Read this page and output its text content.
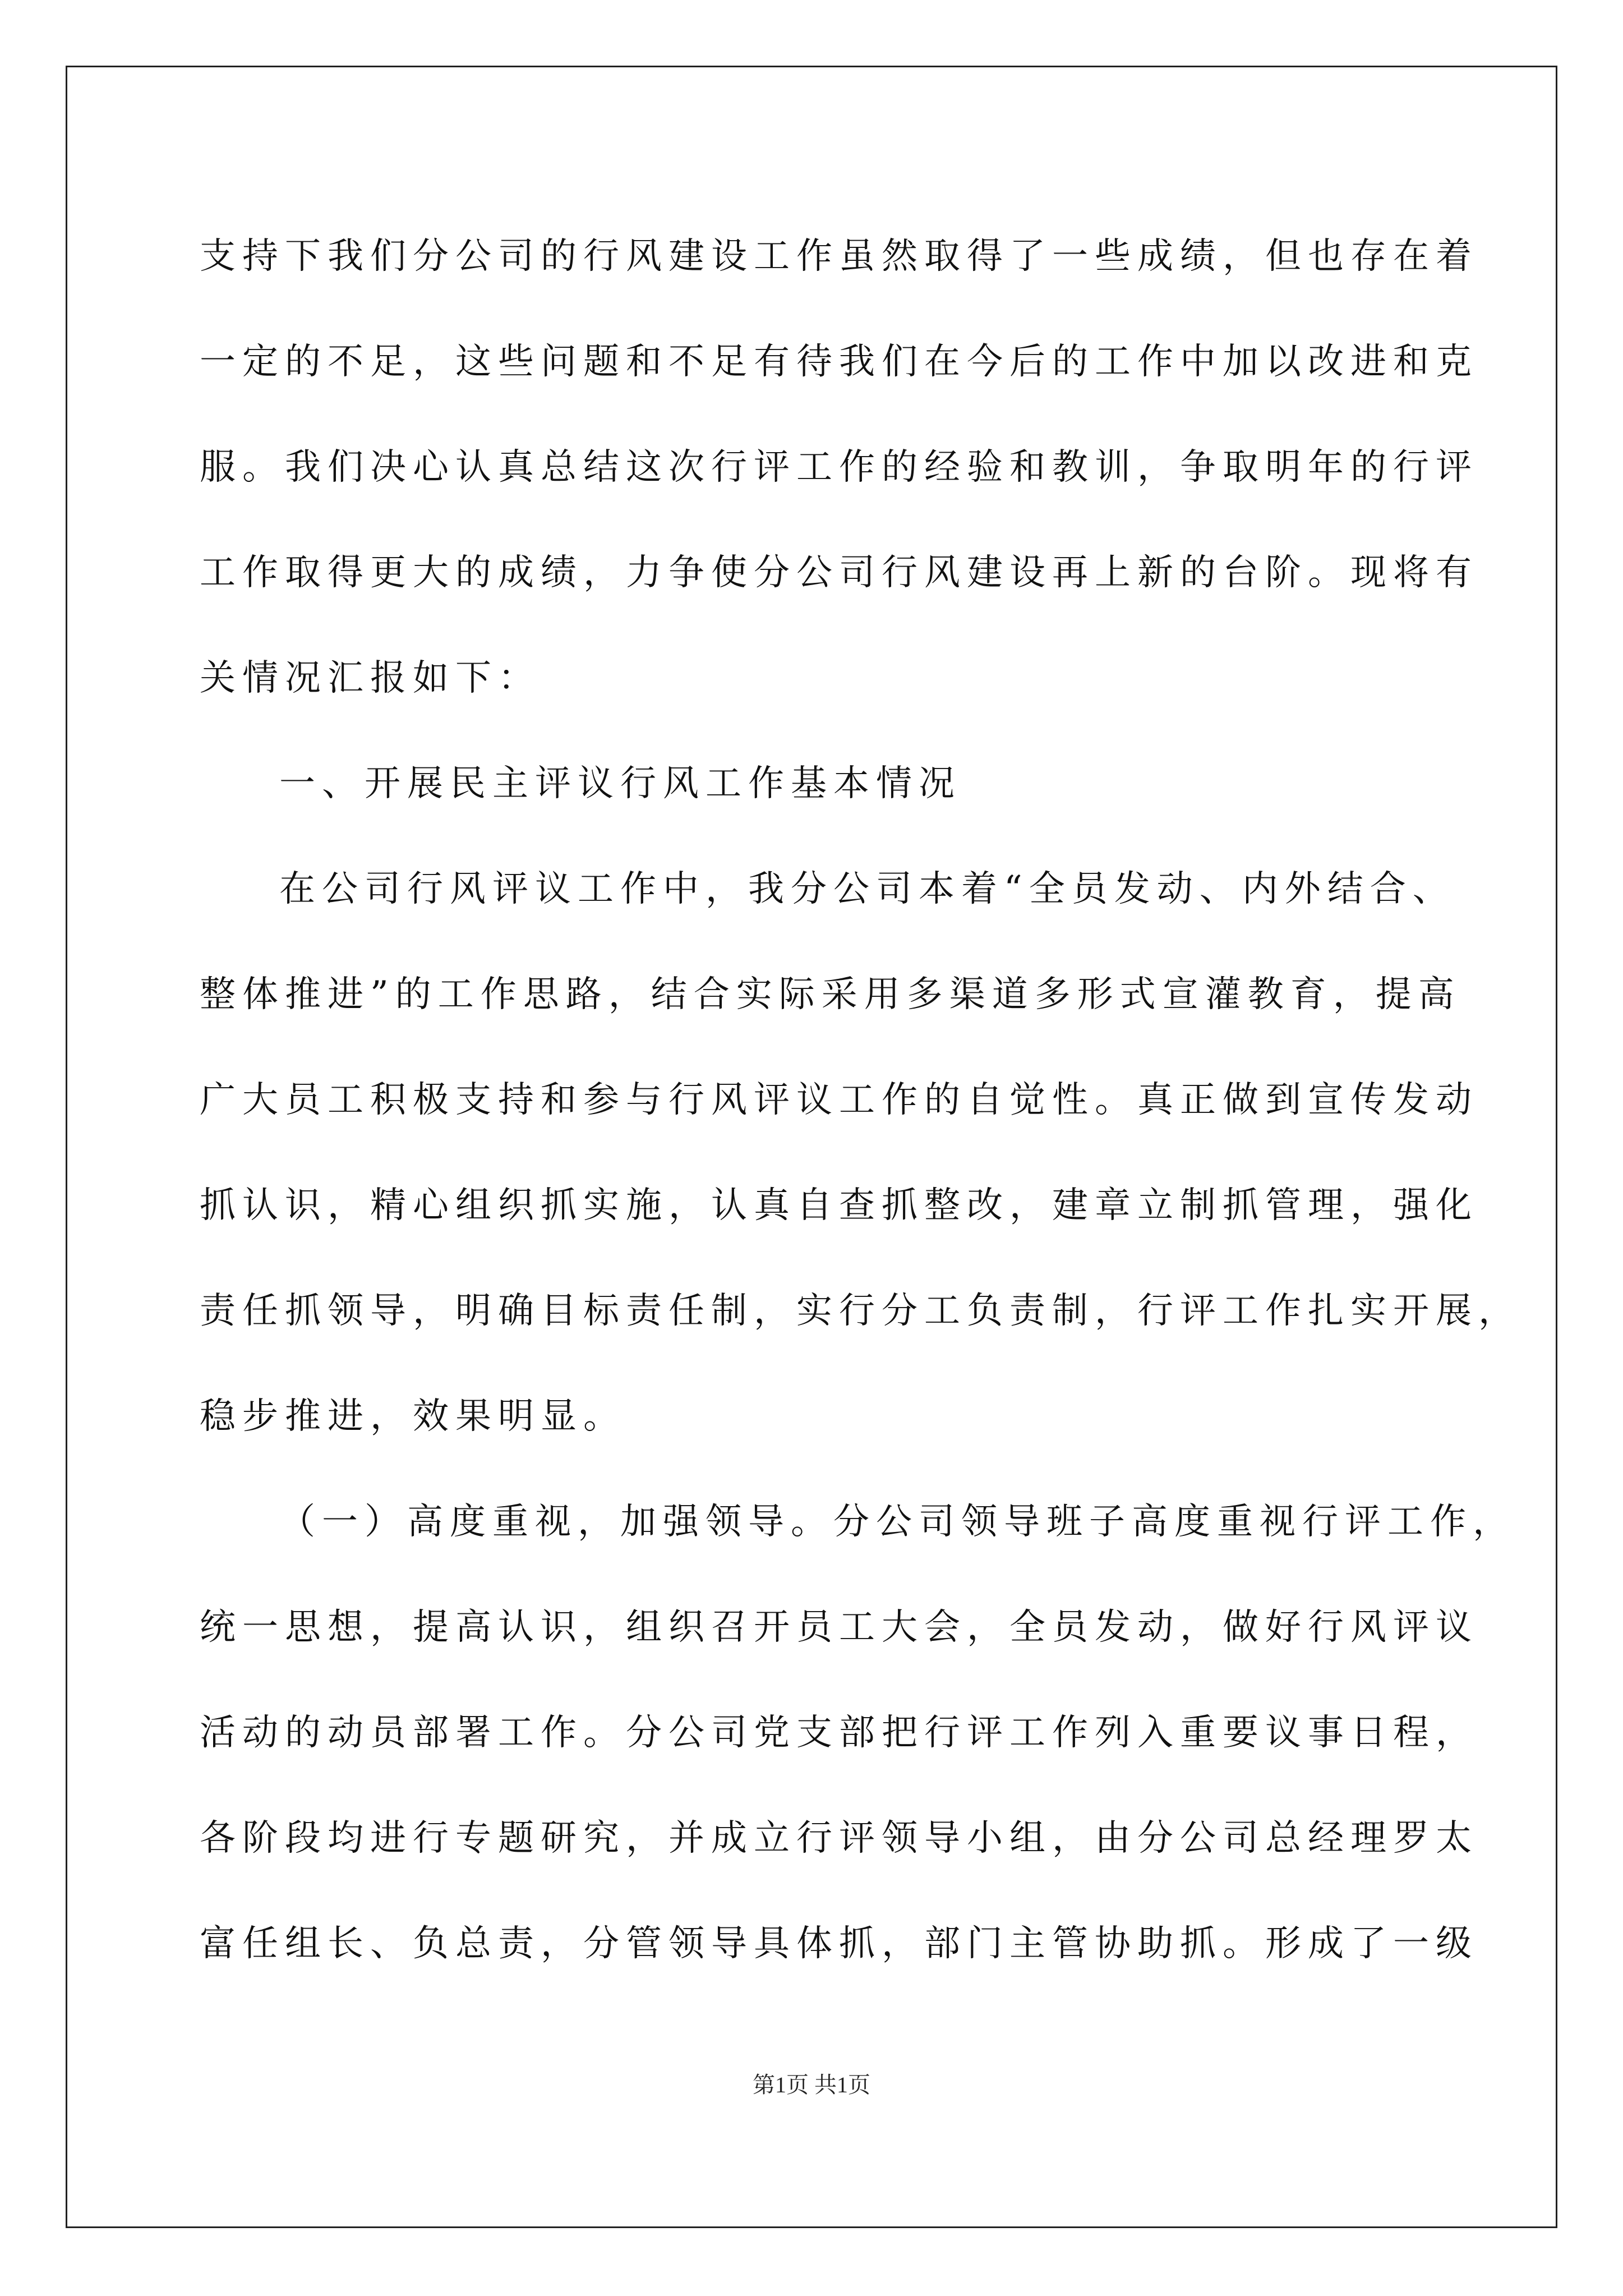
支持下我们分公司的行风建设工作虽然取得了一些成绩，但也存在着
一定的不足，这些问题和不足有待我们在今后的工作中加以改进和克
服。我们决心认真总结这次行评工作的经验和教训，争取明年的行评
工作取得更大的成绩，力争使分公司行风建设再上新的台阶。现将有
关情况汇报如下：
一、开展民主评议行风工作基本情况
在公司行风评议工作中，我分公司本着“全员发动、内外结合、
整体推进”的工作思路，结合实际采用多渠道多形式宣灌教育，提高
广大员工积极支持和参与行风评议工作的自觉性。真正做到宣传发动
抓认识，精心组织抓实施，认真自查抓整改，建章立制抓管理，强化
责任抓领导，明确目标责任制，实行分工负责制，行评工作扎实开展，
稳步推进，效果明显。
（一）高度重视，加强领导。分公司领导班子高度重视行评工作，
统一思想，提高认识，组织召开员工大会，全员发动，做好行风评议
活动的动员部署工作。分公司党支部把行评工作列入重要议事日程，
各阶段均进行专题研究，并成立行评领导小组，由分公司总经理罗太
富任组长、负总责，分管领导具体抓，部门主管协助抓。形成了一级
第1页 共1页
